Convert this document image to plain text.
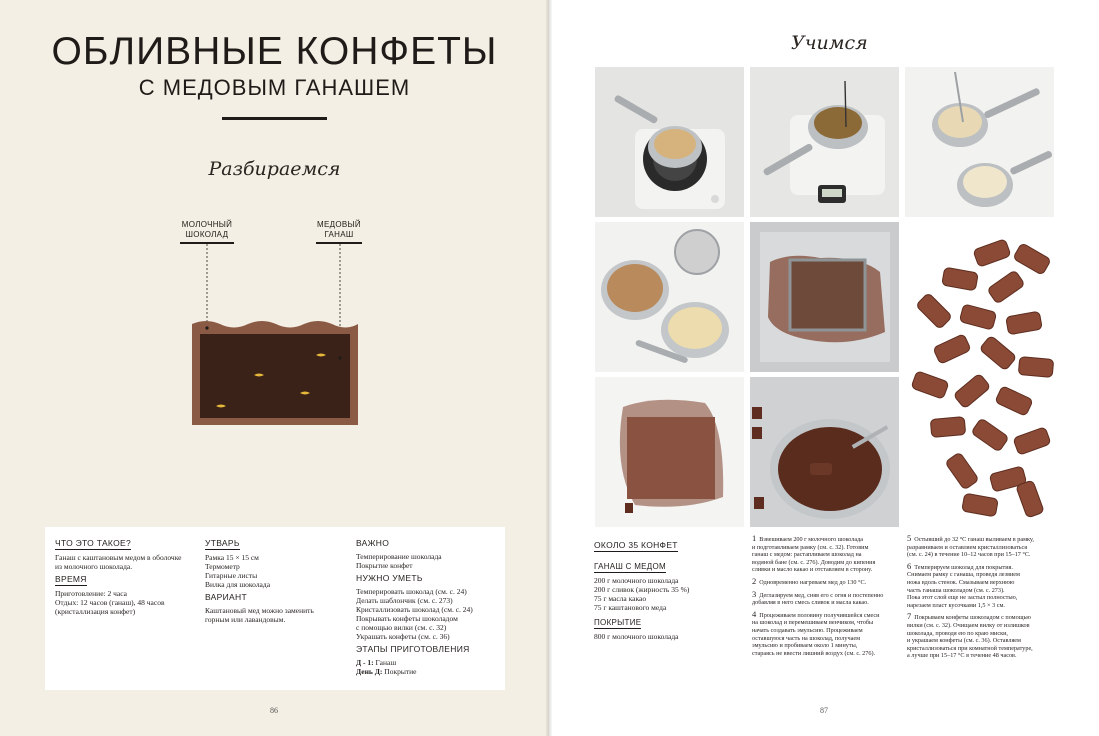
ОБЛИВНЫЕ КОНФЕТЫ
С МЕДОВЫМ ГАНАШЕМ
Разбираемся
МОЛОЧНЫЙ
ШОКОЛАД
МЕДОВЫЙ
ГАНАШ
ЧТО ЭТО ТАКОЕ?
Ганаш с каштановым медом в оболочке
из молочного шоколада.
ВРЕМЯ
Приготовление: 2 часа
Отдых: 12 часов (ганаш), 48 часов
(кристаллизация конфет)
УТВАРЬ
Рамка 15 × 15 см
Термометр
Гитарные листы
Вилка для шоколада
ВАРИАНТ
Каштановый мед можно заменить
горным или лавандовым.
ВАЖНО
Темперирование шоколада
Покрытие конфет
НУЖНО УМЕТЬ
Темперировать шоколад (см. с. 24)
Делать шаблончик (см. с. 273)
Кристаллизовать шоколад (см. с. 24)
Покрывать конфеты шоколадом
с помощью вилки (см. с. 32)
Украшать конфеты (см. с. 36)
ЭТАПЫ ПРИГОТОВЛЕНИЯ
Д - 1: Ганаш
День Д: Покрытие
86	87
Учимся
ОКОЛО 35 КОНФЕТ
ГАНАШ С МЕДОМ
200 г молочного шоколада
200 г сливок (жирность 35 %)
75 г масла какао
75 г каштанового меда
ПОКРЫТИЕ
800 г молочного шоколада
1 Взвешиваем 200 г молочного шоколада
и подготавливаем рамку (см. с. 32). Готовим
ганаш с медом: растапливаем шоколад на
водяной бане (см. с. 276). Доводим до кипения
сливки и масло какао и отставляем в сторону.
2 Одновременно нагреваем мед до 130 °C.
3 Деглазируем мед, сняв его с огня и постепенно
добавляя в него смесь сливок и масла какао.
4 Процеживаем половину получившейся смеси
на шоколад и перемешиваем венчиком, чтобы
начать создавать эмульсию. Процеживаем
оставшуюся часть на шоколад, получаем
эмульсию и пробиваем около 1 минуты,
стараясь не ввести лишний воздух (см. с. 276).
5 Остывший до 32 °C ганаш выливаем в рамку,
разравниваем и оставляем кристаллизоваться
(см. с. 24) в течение 10–12 часов при 15–17 °C.
6 Темперируем шоколад для покрытия.
Снимаем рамку с ганаша, проведя лезвием
ножа вдоль стенок. Смазываем верхнюю
часть ганаша шоколадом (см. с. 273).
Пока этот слой еще не застыл полностью,
нарезаем пласт кусочками 1,5 × 3 см.
7 Покрываем конфеты шоколадом с помощью
вилки (см. с. 32). Очищаем вилку от излишков
шоколада, проводя ею по краю миски,
и украшаем конфеты (см. с. 36). Оставляем
кристаллизоваться при комнатной температуре,
а лучше при 15–17 °C в течение 48 часов.
